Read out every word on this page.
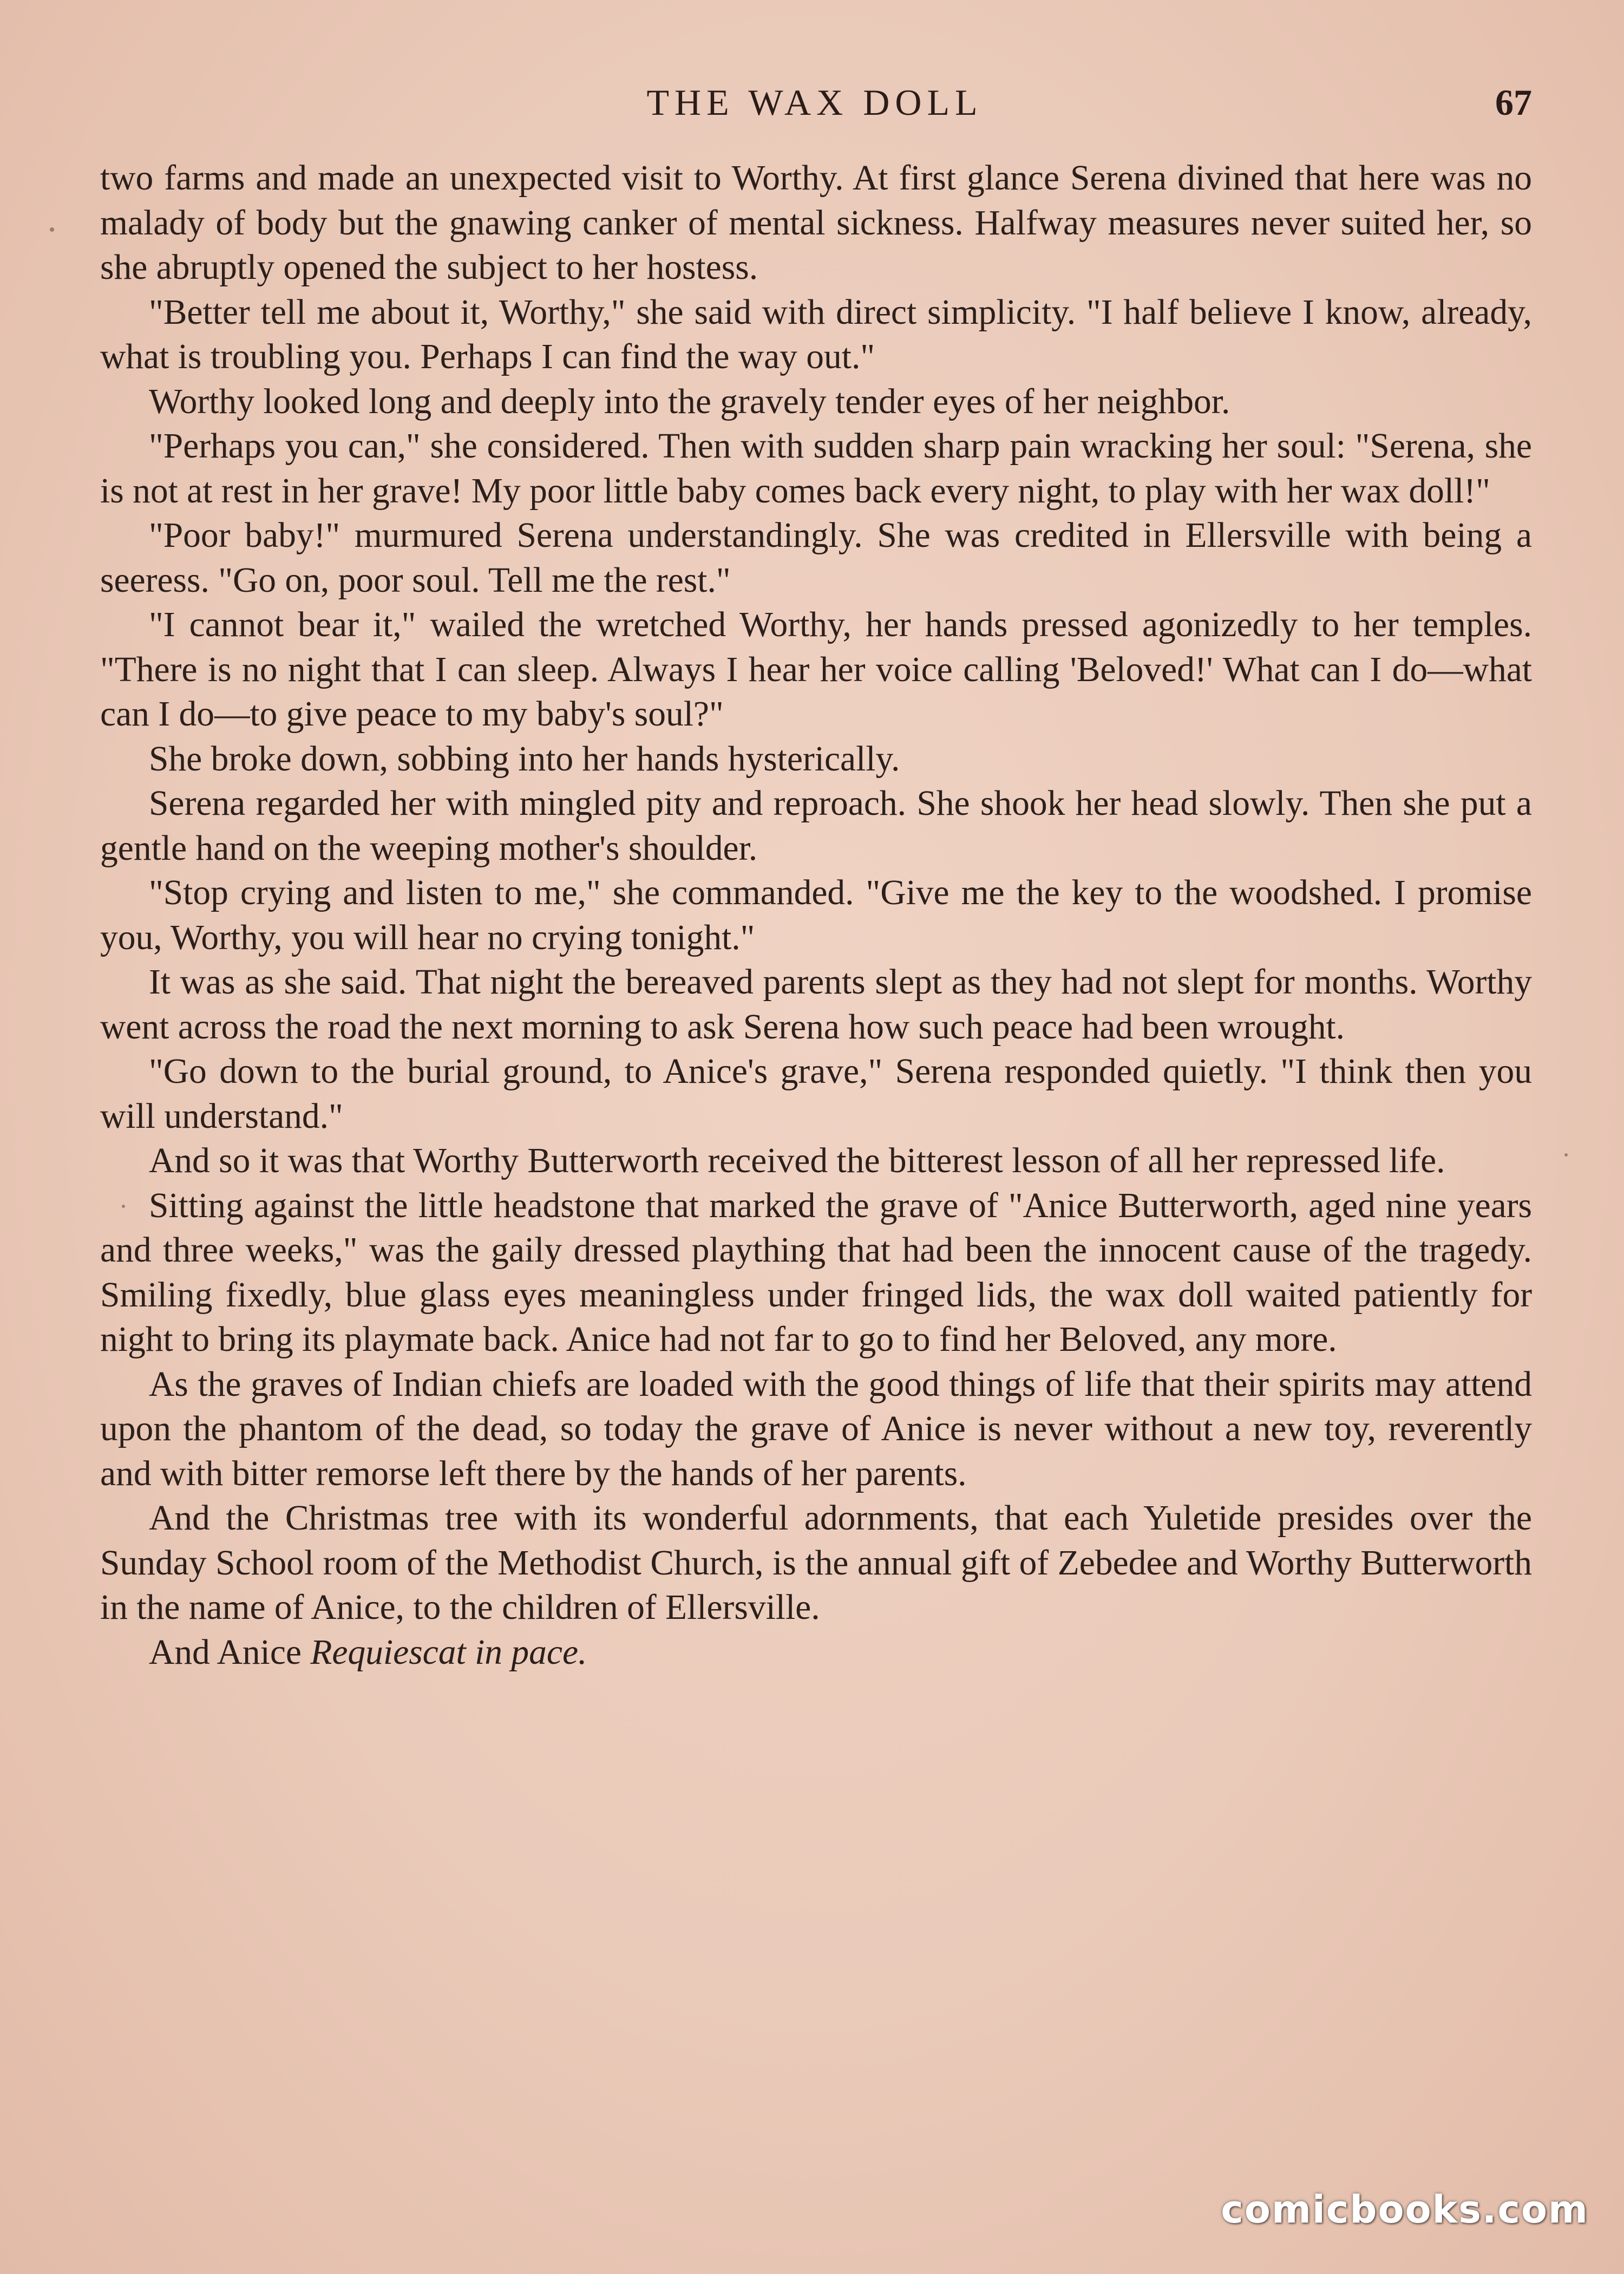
THE WAX DOLL	67

two farms and made an unexpected visit to Worthy. At first glance Serena divined that here was no malady of body but the gnawing canker of mental sickness. Halfway measures never suited her, so she abruptly opened the subject to her hostess.

"Better tell me about it, Worthy," she said with direct simplicity. "I half believe I know, already, what is troubling you. Perhaps I can find the way out."

Worthy looked long and deeply into the gravely tender eyes of her neighbor.

"Perhaps you can," she considered. Then with sudden sharp pain wracking her soul: "Serena, she is not at rest in her grave! My poor little baby comes back every night, to play with her wax doll!"

"Poor baby!" murmured Serena understandingly. She was credited in Ellersville with being a seeress. "Go on, poor soul. Tell me the rest."

"I cannot bear it," wailed the wretched Worthy, her hands pressed agonizedly to her temples. "There is no night that I can sleep. Always I hear her voice calling 'Beloved!' What can I do—what can I do—to give peace to my baby's soul?"

She broke down, sobbing into her hands hysterically.

Serena regarded her with mingled pity and reproach. She shook her head slowly. Then she put a gentle hand on the weeping mother's shoulder.

"Stop crying and listen to me," she commanded. "Give me the key to the woodshed. I promise you, Worthy, you will hear no crying tonight."

It was as she said. That night the bereaved parents slept as they had not slept for months. Worthy went across the road the next morning to ask Serena how such peace had been wrought.

"Go down to the burial ground, to Anice's grave," Serena responded quietly. "I think then you will understand."

And so it was that Worthy Butterworth received the bitterest lesson of all her repressed life.

Sitting against the little headstone that marked the grave of "Anice Butterworth, aged nine years and three weeks," was the gaily dressed plaything that had been the innocent cause of the tragedy. Smiling fixedly, blue glass eyes meaningless under fringed lids, the wax doll waited patiently for night to bring its playmate back. Anice had not far to go to find her Beloved, any more.

As the graves of Indian chiefs are loaded with the good things of life that their spirits may attend upon the phantom of the dead, so today the grave of Anice is never without a new toy, reverently and with bitter remorse left there by the hands of her parents.

And the Christmas tree with its wonderful adornments, that each Yuletide presides over the Sunday School room of the Methodist Church, is the annual gift of Zebedee and Worthy Butterworth in the name of Anice, to the children of Ellersville.

And Anice Requiescat in pace.

comicbooks.com
